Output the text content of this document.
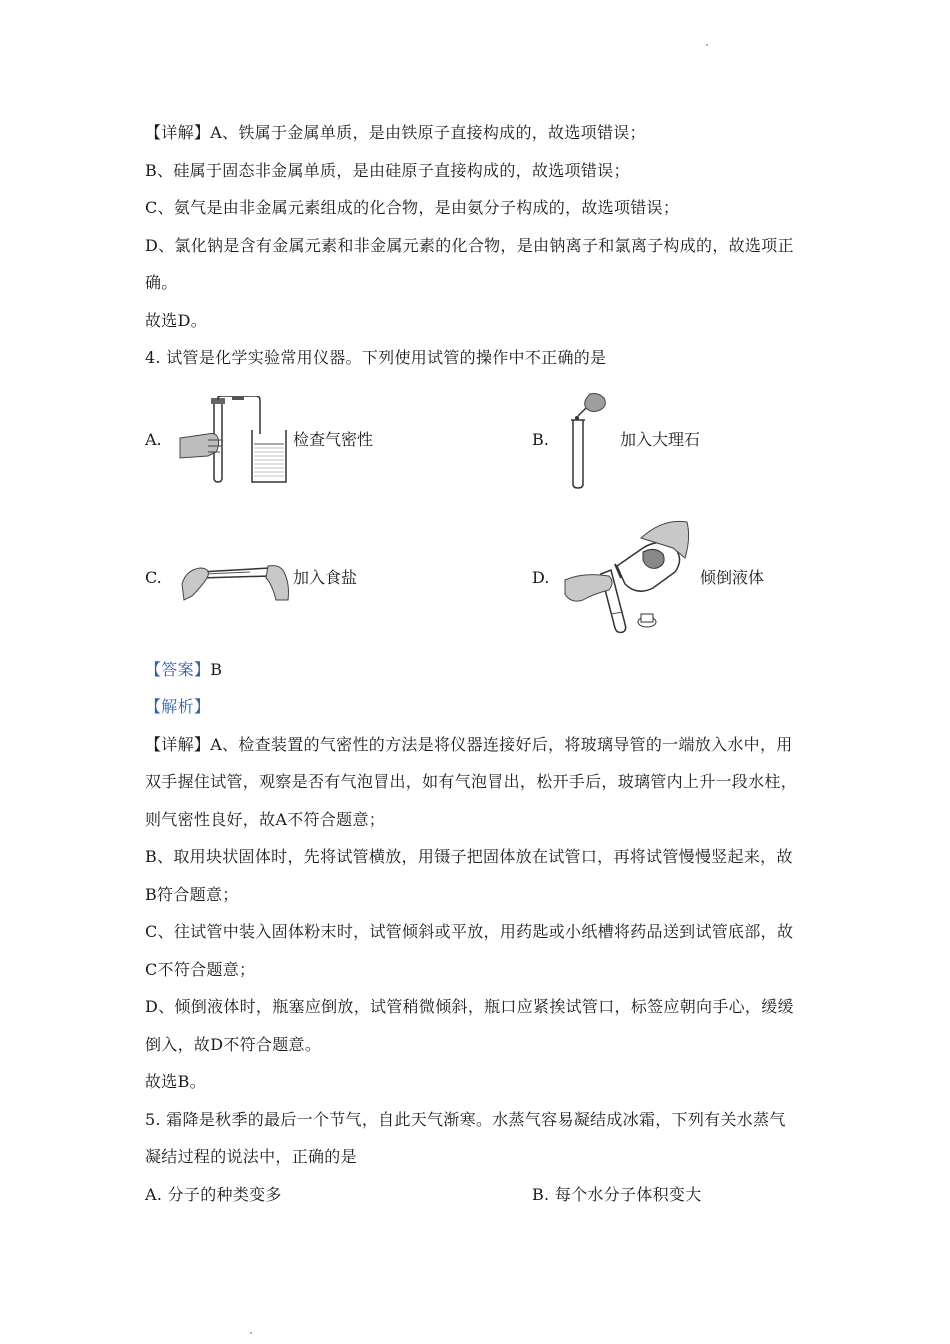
【详解】A、铁属于金属单质，是由铁原子直接构成的，故选项错误；
B、硅属于固态非金属单质，是由硅原子直接构成的，故选项错误；
C、氨气是由非金属元素组成的化合物，是由氨分子构成的，故选项错误；
D、氯化钠是含有金属元素和非金属元素的化合物，是由钠离子和氯离子构成的，故选项正
确。
故选D。
4. 试管是化学实验常用仪器。下列使用试管的操作中不正确的是
A.	检查气密性	B.	加入大理石
C.	加入食盐	D.	倾倒液体
【答案】B
【解析】
【详解】A、检查装置的气密性的方法是将仪器连接好后，将玻璃导管的一端放入水中，用
双手握住试管，观察是否有气泡冒出，如有气泡冒出，松开手后，玻璃管内上升一段水柱，
则气密性良好，故A不符合题意；
B、取用块状固体时，先将试管横放，用镊子把固体放在试管口，再将试管慢慢竖起来，故
B符合题意；
C、往试管中装入固体粉末时，试管倾斜或平放，用药匙或小纸槽将药品送到试管底部，故
C不符合题意；
D、倾倒液体时，瓶塞应倒放，试管稍微倾斜，瓶口应紧挨试管口，标签应朝向手心，缓缓
倒入，故D不符合题意。
故选B。
5. 霜降是秋季的最后一个节气，自此天气渐寒。水蒸气容易凝结成冰霜，下列有关水蒸气
凝结过程的说法中，正确的是
A. 分子的种类变多	B. 每个水分子体积变大
